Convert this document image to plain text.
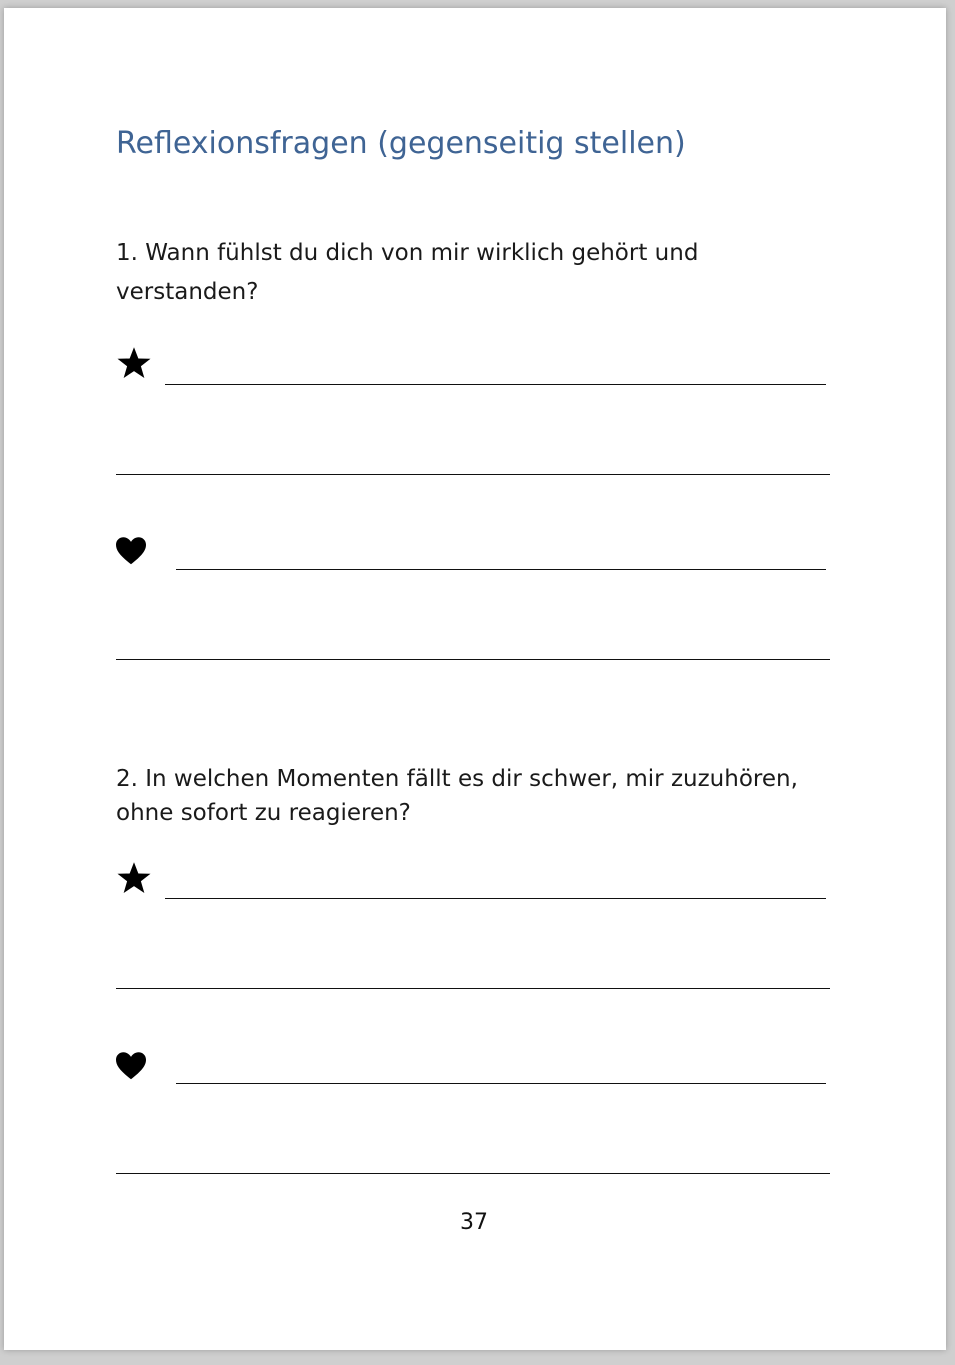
Reflexionsfragen (gegenseitig stellen)

1. Wann fühlst du dich von mir wirklich gehört und verstanden?

2. In welchen Momenten fällt es dir schwer, mir zuzuhören, ohne sofort zu reagieren?

37
